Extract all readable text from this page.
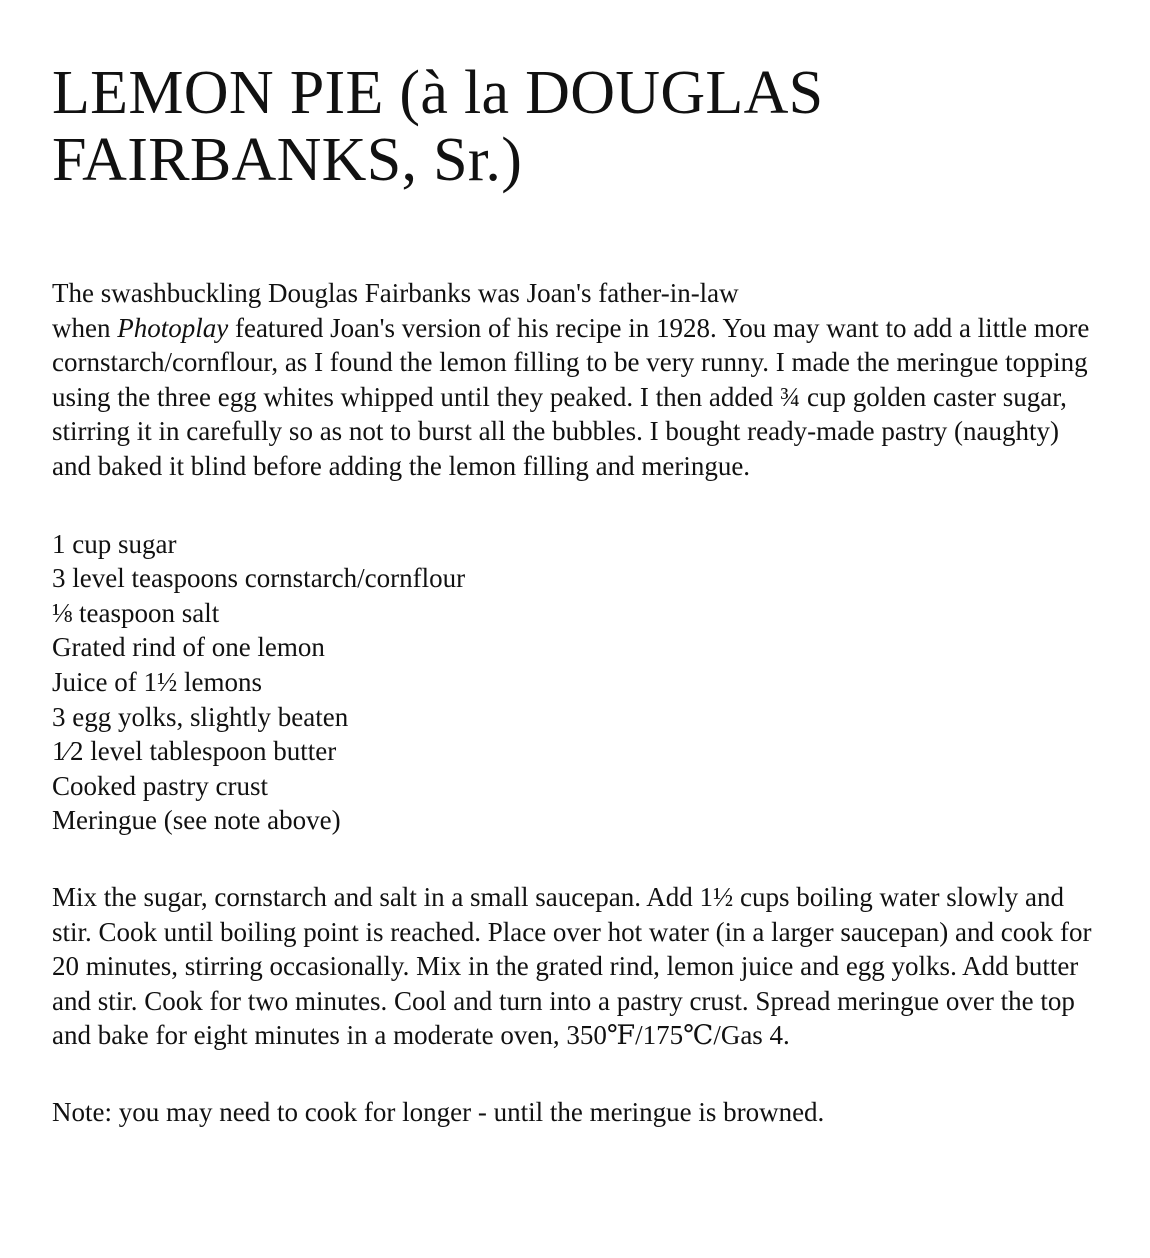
LEMON PIE (à la DOUGLAS
FAIRBANKS, Sr.)

The swashbuckling Douglas Fairbanks was Joan's father-in-law
when Photoplay featured Joan's version of his recipe in 1928. You may want to add a little more cornstarch/cornflour, as I found the lemon filling to be very runny. I made the meringue topping using the three egg whites whipped until they peaked. I then added ¾ cup golden caster sugar, stirring it in carefully so as not to burst all the bubbles. I bought ready-made pastry (naughty) and baked it blind before adding the lemon filling and meringue.

1 cup sugar
3 level teaspoons cornstarch/cornflour
⅛ teaspoon salt
Grated rind of one lemon
Juice of 1½ lemons
3 egg yolks, slightly beaten
1⁄2 level tablespoon butter
Cooked pastry crust
Meringue (see note above)

Mix the sugar, cornstarch and salt in a small saucepan. Add 1½ cups boiling water slowly and stir. Cook until boiling point is reached. Place over hot water (in a larger saucepan) and cook for 20 minutes, stirring occasionally. Mix in the grated rind, lemon juice and egg yolks. Add butter and stir. Cook for two minutes. Cool and turn into a pastry crust. Spread meringue over the top and bake for eight minutes in a moderate oven, 350℉/175℃/Gas 4.

Note: you may need to cook for longer - until the meringue is browned.
